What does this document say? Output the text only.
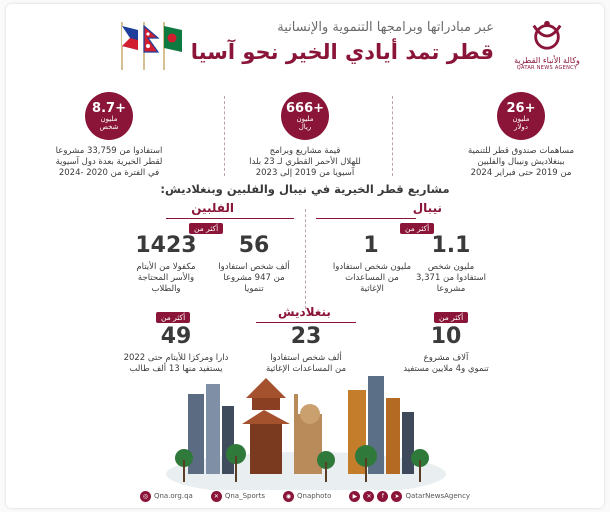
وكالة الأنباء القطرية
QATAR NEWS AGENCY
عبر مبادراتها وبرامجها التنموية والإنسانية
قطر تمد أيادي الخير نحو آسيا
+26
مليون
دولار
مساهمات صندوق قطر للتنمية
ببنغلاديش ونيبال والفلبين
من 2019 حتى فبراير 2024
+666
مليون
ريال
قيمة مشاريع وبرامج
للهلال الأحمر القطري لـ 23 بلدا
آسيويا من 2019 إلى 2023
+8.7
مليون
شخص
استفادوا من 33,759 مشروعا
لقطر الخيرية بعدة دول آسيوية
في الفترة من 2020 -2024
مشاريع قطر الخيرية في نيبال والفلبين وبنغلاديش:
نيبال
أكثر من
1.1
مليون شخص
استفادوا من 3,371
مشروعا
1
مليون شخص استفادوا
من المساعدات
الإغاثية
الفلبين
أكثر من
56
ألف شخص استفادوا
من 947 مشروعا
تنمويا
1423
مكفولا من الأيتام
والأسر المحتاجة
والطلاب
بنغلاديش	أكثر من
10
آلاف مشروع
تنموي و4 ملايين مستفيد
23
ألف شخص استفادوا
من المساعدات الإغاثية
أكثر من
49
دارا ومركزا للأيتام حتى 2022
يستفيد منها 13 ألف طالب
◎ Qna.org.qa	✕ Qna_Sports	◉ Qnaphoto	▶	✕	f	➤ QatarNewsAgency
